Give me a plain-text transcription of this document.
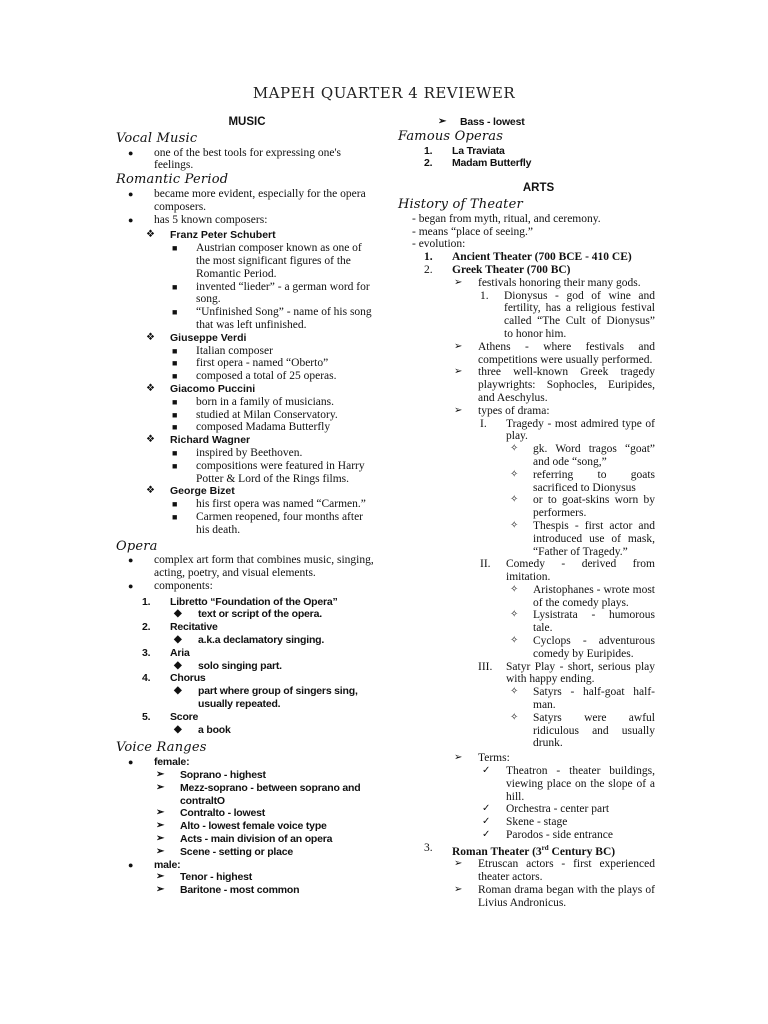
MAPEH QUARTER 4 REVIEWER
MUSIC
Vocal Music
● one of the best tools for expressing one's feelings.
Romantic Period
● became more evident, especially for the opera composers.
● has 5 known composers:
❖ Franz Peter Schubert
■ Austrian composer known as one of the most significant figures of the Romantic Period.
■ invented “lieder” - a german word for song.
■ “Unfinished Song” - name of his song that was left unfinished.
❖ Giuseppe Verdi
■ Italian composer
■ first opera - named “Oberto”
■ composed a total of 25 operas.
❖ Giacomo Puccini
■ born in a family of musicians.
■ studied at Milan Conservatory.
■ composed Madama Butterfly
❖ Richard Wagner
■ inspired by Beethoven.
■ compositions were featured in Harry Potter & Lord of the Rings films.
❖ George Bizet
■ his first opera was named “Carmen.”
■ Carmen reopened, four months after his death.
Opera
● complex art form that combines music, singing, acting, poetry, and visual elements.
● components:
1. Libretto “Foundation of the Opera”
◆ text or script of the opera.
2. Recitative
◆ a.k.a declamatory singing.
3. Aria
◆ solo singing part.
4. Chorus
◆ part where group of singers sing, usually repeated.
5. Score
◆ a book
Voice Ranges
● female:
➢ Soprano - highest
➢ Mezz-soprano - between soprano and contraltO
➢ Contralto - lowest
➢ Alto - lowest female voice type
➢ Acts - main division of an opera
➢ Scene - setting or place
● male:
➢ Tenor - highest
➢ Baritone - most common
➢ Bass - lowest
Famous Operas
1. La Traviata
2. Madam Butterfly
ARTS
History of Theater
- began from myth, ritual, and ceremony.
- means “place of seeing.”
- evolution:
1. Ancient Theater (700 BCE - 410 CE)
2. Greek Theater (700 BC)
➢ festivals honoring their many gods.
1. Dionysus - god of wine and fertility, has a religious festival called “The Cult of Dionysus” to honor him.
➢ Athens - where festivals and competitions were usually performed.
➢ three well-known Greek tragedy playwrights: Sophocles, Euripides, and Aeschylus.
➢ types of drama:
I. Tragedy - most admired type of play.
✧ gk. Word tragos “goat” and ode “song,”
✧ referring to goats sacrificed to Dionysus
✧ or to goat-skins worn by performers.
✧ Thespis - first actor and introduced use of mask, “Father of Tragedy.”
II. Comedy - derived from imitation.
✧ Aristophanes - wrote most of the comedy plays.
✧ Lysistrata - humorous tale.
✧ Cyclops - adventurous comedy by Euripides.
III. Satyr Play - short, serious play with happy ending.
✧ Satyrs - half-goat half-man.
✧ Satyrs were awful ridiculous and usually drunk.
➢ Terms:
✓ Theatron - theater buildings, viewing place on the slope of a hill.
✓ Orchestra - center part
✓ Skene - stage
✓ Parodos - side entrance
3. Roman Theater (3rd Century BC)
➢ Etruscan actors - first experienced theater actors.
➢ Roman drama began with the plays of Livius Andronicus.
